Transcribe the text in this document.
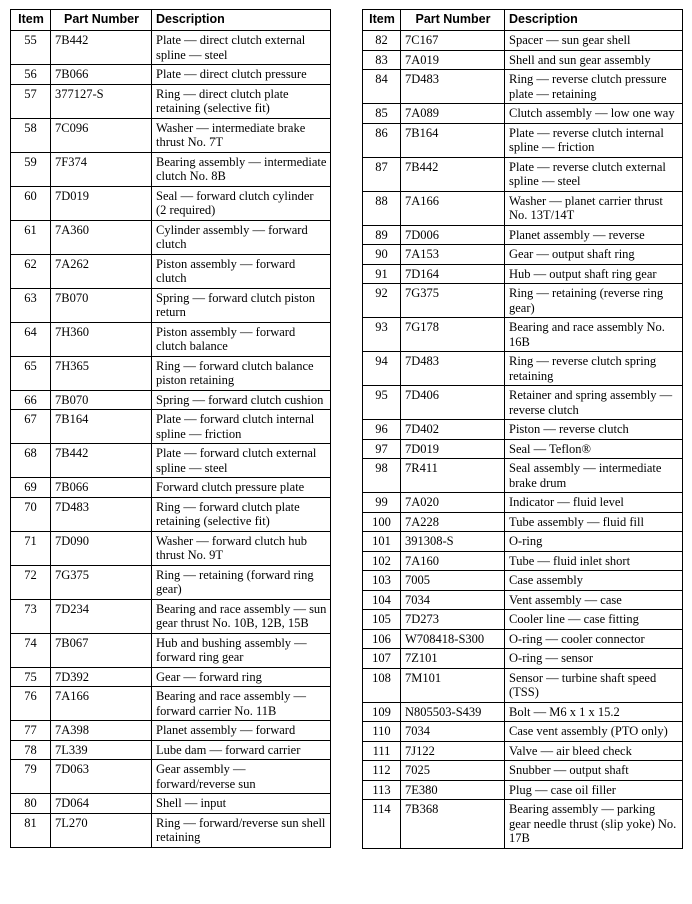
Item	Part Number	Description
55	7B442	Plate — direct clutch external spline — steel
56	7B066	Plate — direct clutch pressure
57	377127-S	Ring — direct clutch plate retaining (selective fit)
58	7C096	Washer — intermediate brake thrust No. 7T
59	7F374	Bearing assembly — intermediate clutch No. 8B
60	7D019	Seal — forward clutch cylinder (2 required)
61	7A360	Cylinder assembly — forward clutch
62	7A262	Piston assembly — forward clutch
63	7B070	Spring — forward clutch piston return
64	7H360	Piston assembly — forward clutch balance
65	7H365	Ring — forward clutch balance piston retaining
66	7B070	Spring — forward clutch cushion
67	7B164	Plate — forward clutch internal spline — friction
68	7B442	Plate — forward clutch external spline — steel
69	7B066	Forward clutch pressure plate
70	7D483	Ring — forward clutch plate retaining (selective fit)
71	7D090	Washer — forward clutch hub thrust No. 9T
72	7G375	Ring — retaining (forward ring gear)
73	7D234	Bearing and race assembly — sun gear thrust No. 10B, 12B, 15B
74	7B067	Hub and bushing assembly — forward ring gear
75	7D392	Gear — forward ring
76	7A166	Bearing and race assembly — forward carrier No. 11B
77	7A398	Planet assembly — forward
78	7L339	Lube dam — forward carrier
79	7D063	Gear assembly — forward/reverse sun
80	7D064	Shell — input
81	7L270	Ring — forward/reverse sun shell retaining
Item	Part Number	Description
82	7C167	Spacer — sun gear shell
83	7A019	Shell and sun gear assembly
84	7D483	Ring — reverse clutch pressure plate — retaining
85	7A089	Clutch assembly — low one way
86	7B164	Plate — reverse clutch internal spline — friction
87	7B442	Plate — reverse clutch external spline — steel
88	7A166	Washer — planet carrier thrust No. 13T/14T
89	7D006	Planet assembly — reverse
90	7A153	Gear — output shaft ring
91	7D164	Hub — output shaft ring gear
92	7G375	Ring — retaining (reverse ring gear)
93	7G178	Bearing and race assembly No. 16B
94	7D483	Ring — reverse clutch spring retaining
95	7D406	Retainer and spring assembly — reverse clutch
96	7D402	Piston — reverse clutch
97	7D019	Seal — Teflon®
98	7R411	Seal assembly — intermediate brake drum
99	7A020	Indicator — fluid level
100	7A228	Tube assembly — fluid fill
101	391308-S	O-ring
102	7A160	Tube — fluid inlet short
103	7005	Case assembly
104	7034	Vent assembly — case
105	7D273	Cooler line — case fitting
106	W708418-S300	O-ring — cooler connector
107	7Z101	O-ring — sensor
108	7M101	Sensor — turbine shaft speed (TSS)
109	N805503-S439	Bolt — M6 x 1 x 15.2
110	7034	Case vent assembly (PTO only)
111	7J122	Valve — air bleed check
112	7025	Snubber — output shaft
113	7E380	Plug — case oil filler
114	7B368	Bearing assembly — parking gear needle thrust (slip yoke) No. 17B
